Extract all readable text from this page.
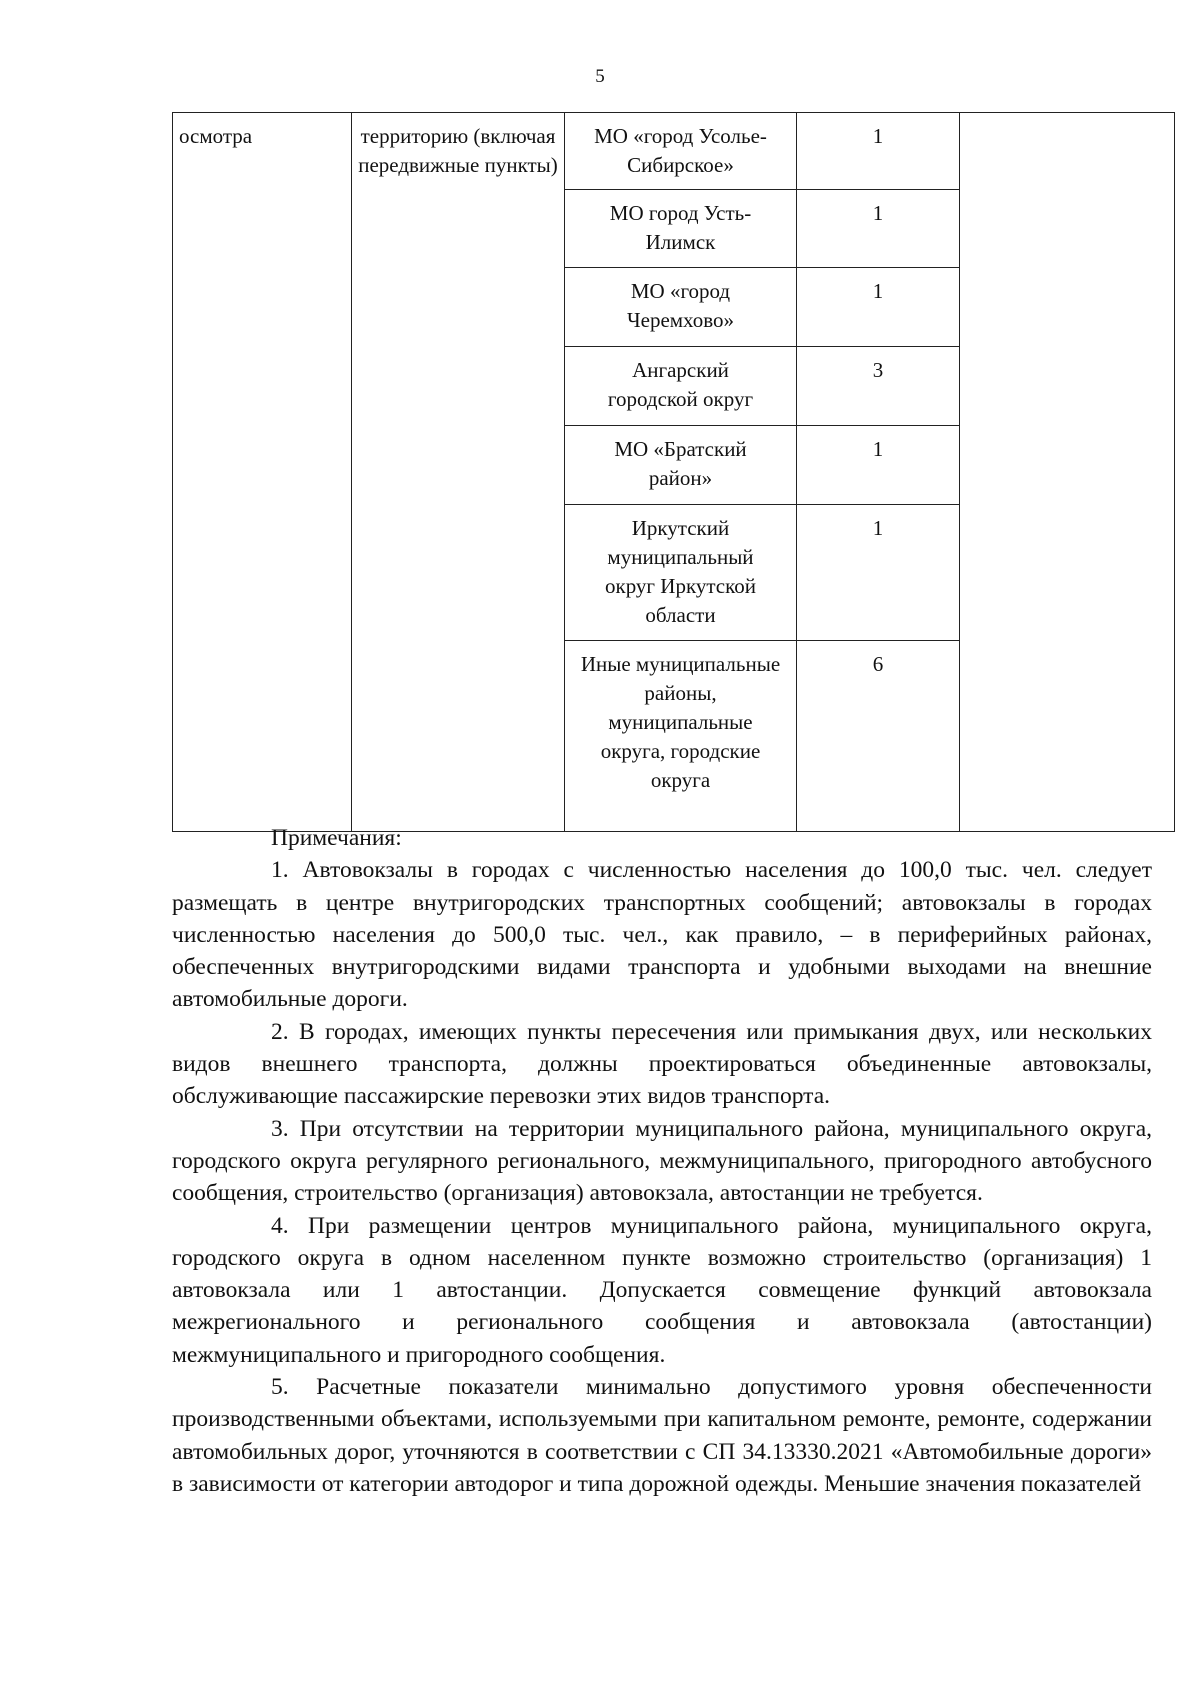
5
осмотра	территорию (включая передвижные пункты)	МО «город Усолье-Сибирское»	1	

		МО город Усть-Илимск	1	

		МО «город Черемхово»	1	

		Ангарский городской округ	3	

		МО «Братский район»	1	

		Иркутский муниципальный округ Иркутской области	1	

		Иные муниципальные районы, муниципальные округа, городские округа	6	

Примечания:

1. Автовокзалы в городах с численностью населения до 100,0 тыс. чел. следует размещать в центре внутригородских транспортных сообщений; автовокзалы в городах численностью населения до 500,0 тыс. чел., как правило, – в периферийных районах, обеспеченных внутригородскими видами транспорта и удобными выходами на внешние автомобильные дороги.

2. В городах, имеющих пункты пересечения или примыкания двух, или нескольких видов внешнего транспорта, должны проектироваться объединенные автовокзалы, обслуживающие пассажирские перевозки этих видов транспорта.

3. При отсутствии на территории муниципального района, муниципального округа, городского округа регулярного регионального, межмуниципального, пригородного автобусного сообщения, строительство (организация) автовокзала, автостанции не требуется.

4. При размещении центров муниципального района, муниципального округа, городского округа в одном населенном пункте возможно строительство (организация) 1 автовокзала или 1 автостанции. Допускается совмещение функций автовокзала межрегионального и регионального сообщения и автовокзала (автостанции) межмуниципального и пригородного сообщения.

5. Расчетные показатели минимально допустимого уровня обеспеченности производственными объектами, используемыми при капитальном ремонте, ремонте, содержании автомобильных дорог, уточняются в соответствии с СП 34.13330.2021 «Автомобильные дороги» в зависимости от категории автодорог и типа дорожной одежды. Меньшие значения показателей
